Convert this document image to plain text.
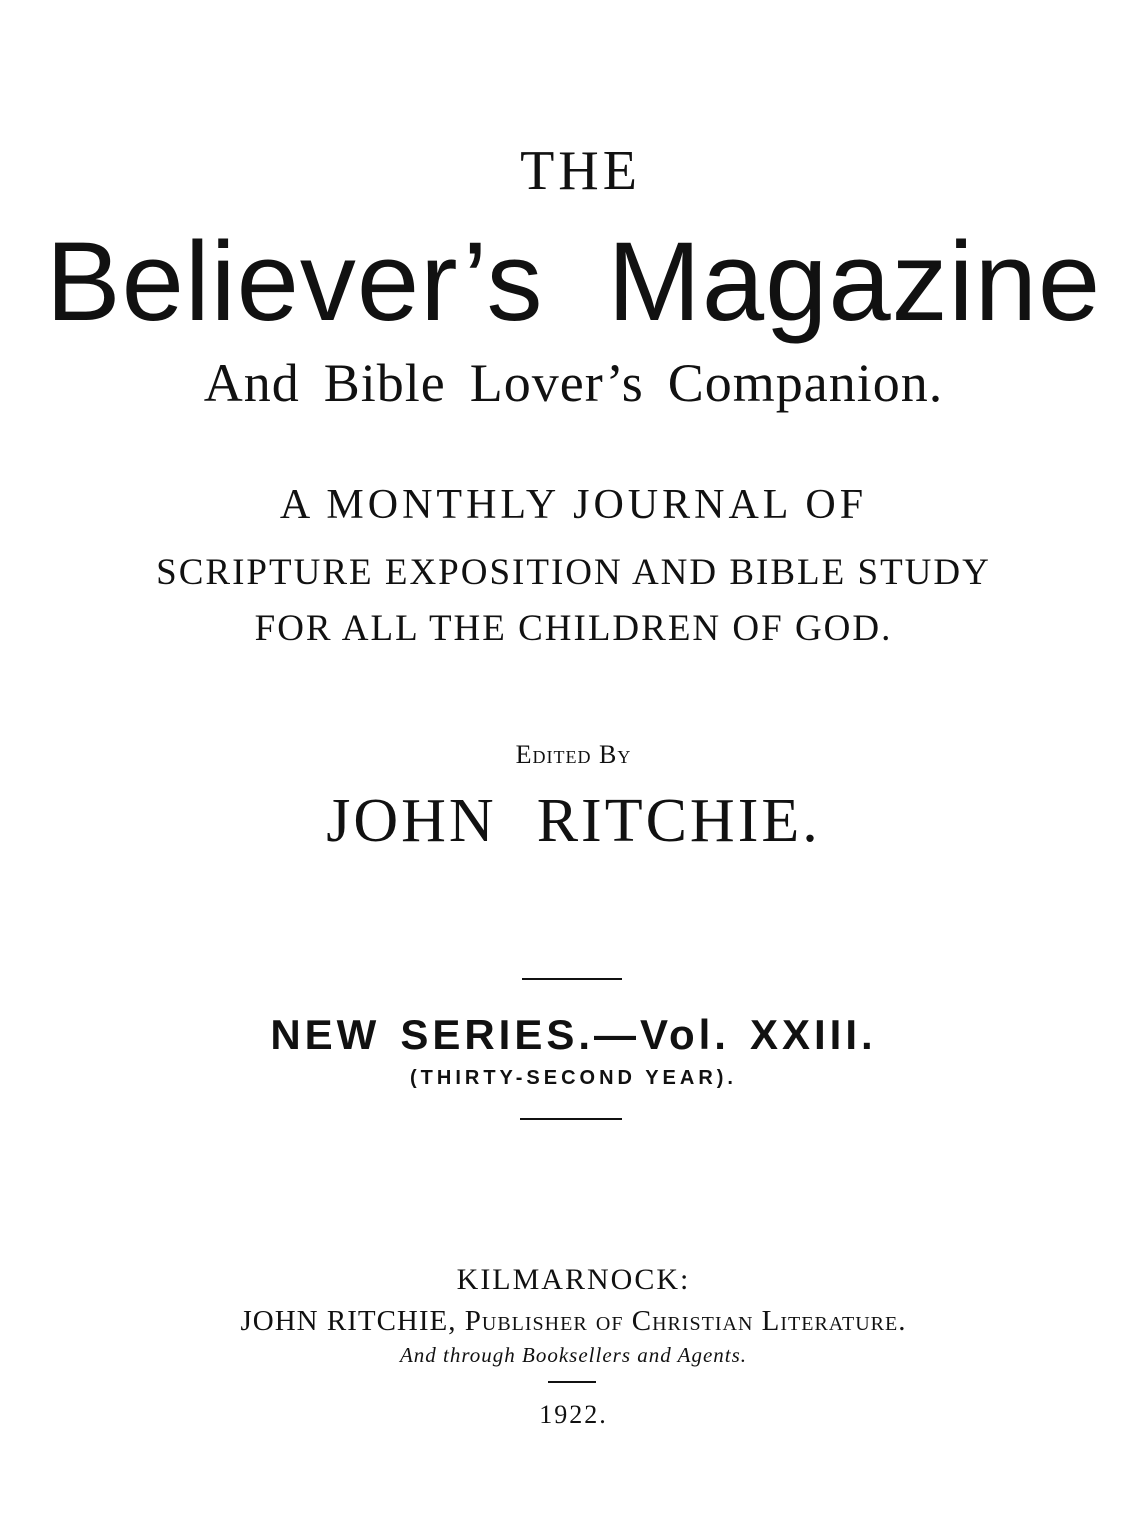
THE
Believer’s Magazine
And Bible Lover’s Companion.
A MONTHLY JOURNAL OF
SCRIPTURE EXPOSITION AND BIBLE STUDY
FOR ALL THE CHILDREN OF GOD.
Edited By
JOHN RITCHIE.
NEW SERIES.—Vol. XXIII.
(THIRTY-SECOND YEAR).
KILMARNOCK:
JOHN RITCHIE, Publisher of Christian Literature.
And through Booksellers and Agents.
1922.
